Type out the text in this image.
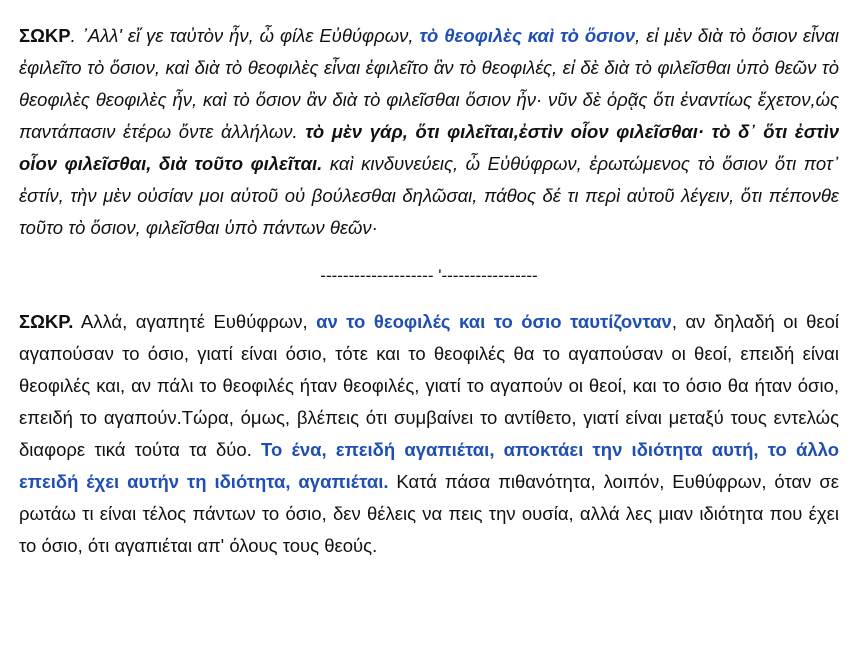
ΣΩΚΡ. ᾿Αλλ' εἴ γε ταὐτὸν ἦν, ὦ φίλε Εὐθύφρων, τὸ θεοφιλὲς καὶ τὸ ὅσιον, εἰ μὲν διὰ τὸ ὅσιον εἶναι ἐφιλεῖτο τὸ ὅσιον, καὶ διὰ τὸ θεοφιλὲς εἶναι ἐφιλεῖτο ἂν τὸ θεοφιλές, εἰ δὲ διὰ τὸ φιλεῖσθαι ὑπὸ θεῶν τὸ θεοφιλὲς θεοφιλὲς ἦν, καὶ τὸ ὅσιον ἂν διὰ τὸ φιλεῖσθαι ὅσιον ἦν· νῦν δὲ ὁρᾷς ὅτι ἐναντίως ἔχετον,ὡς παντάπασιν ἑτέρω ὄντε ἀλλήλων. τὸ μὲν γάρ, ὅτι φιλεῖται,ἐστὶν οἷον φιλεῖσθαι· τὸ δ᾽ ὅτι ἐστὶν οἷον φιλεῖσθαι, διὰ τοῦτο φιλεῖται. καὶ κινδυνεύεις, ὦ Εὐθύφρων, ἐρωτώμενος τὸ ὅσιον ὅτι ποτ᾽ ἐστίν, τὴν μὲν οὐσίαν μοι αὐτοῦ οὐ βούλεσθαι δηλῶσαι, πάθος δέ τι περὶ αὐτοῦ λέγειν, ὅτι πέπονθε τοῦτο τὸ ὅσιον, φιλεῖσθαι ὑπὸ πάντων θεῶν·

-------------------- '-----------------

ΣΩΚΡ. Αλλά, αγαπητέ Ευθύφρων, αν το θεοφιλές και το όσιο ταυτίζονταν, αν δηλαδή οι θεοί αγαπούσαν το όσιο, γιατί είναι όσιο, τότε και το θεοφιλές θα το αγαπούσαν οι θεοί, επειδή είναι θεοφιλές και, αν πάλι το θεοφιλές ήταν θεοφιλές, γιατί το αγαπούν οι θεοί, και το όσιο θα ήταν όσιο, επειδή το αγαπούν.Τώρα, όμως, βλέπεις ότι συμβαίνει το αντίθετο, γιατί είναι μεταξύ τους εντελώς διαφορε τικά τούτα τα δύο. Το ένα, επειδή αγαπιέται, αποκτάει την ιδιότητα αυτή, το άλλο επειδή έχει αυτήν τη ιδιότητα, αγαπιέται. Κατά πάσα πιθανότητα, λοιπόν, Ευθύφρων, όταν σε ρωτάω τι είναι τέλος πάντων το όσιο, δεν θέλεις να πεις την ουσία, αλλά λες μιαν ιδιότητα που έχει το όσιο, ότι αγαπιέται απ' όλους τους θεούς.
